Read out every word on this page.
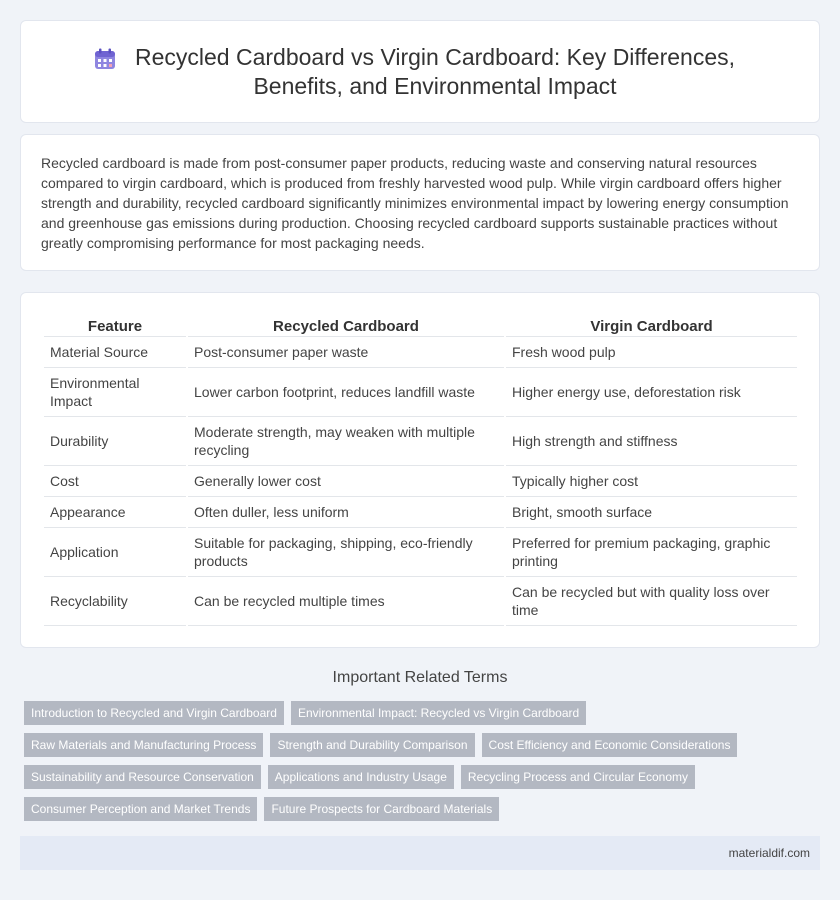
Recycled Cardboard vs Virgin Cardboard: Key Differences, Benefits, and Environmental Impact

Recycled cardboard is made from post-consumer paper products, reducing waste and conserving natural resources compared to virgin cardboard, which is produced from freshly harvested wood pulp. While virgin cardboard offers higher strength and durability, recycled cardboard significantly minimizes environmental impact by lowering energy consumption and greenhouse gas emissions during production. Choosing recycled cardboard supports sustainable practices without greatly compromising performance for most packaging needs.

Feature	Recycled Cardboard	Virgin Cardboard
Material Source	Post-consumer paper waste	Fresh wood pulp
Environmental Impact	Lower carbon footprint, reduces landfill waste	Higher energy use, deforestation risk
Durability	Moderate strength, may weaken with multiple recycling	High strength and stiffness
Cost	Generally lower cost	Typically higher cost
Appearance	Often duller, less uniform	Bright, smooth surface
Application	Suitable for packaging, shipping, eco-friendly products	Preferred for premium packaging, graphic printing
Recyclability	Can be recycled multiple times	Can be recycled but with quality loss over time
Important Related Terms
Introduction to Recycled and Virgin Cardboard	Environmental Impact: Recycled vs Virgin Cardboard
Raw Materials and Manufacturing Process	Strength and Durability Comparison	Cost Efficiency and Economic Considerations
Sustainability and Resource Conservation	Applications and Industry Usage	Recycling Process and Circular Economy
Consumer Perception and Market Trends	Future Prospects for Cardboard Materials
materialdif.com
